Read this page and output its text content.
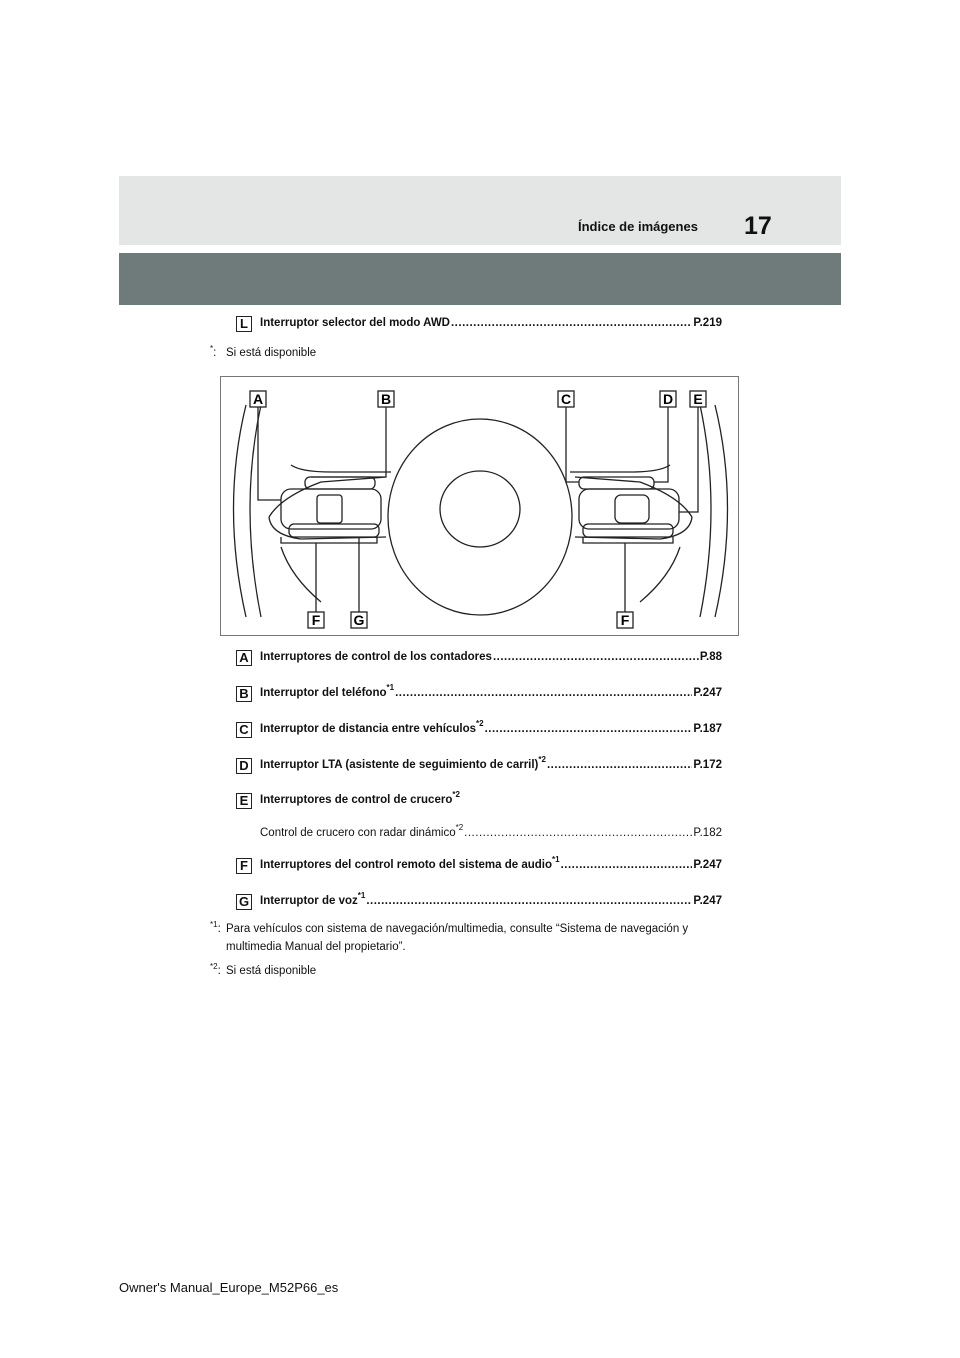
17
Índice de imágenes
L	Interruptor selector del modo AWD .....	P.219
*: Si está disponible
A	B	C	D E
F G	F
A Interruptores de control de los contadores .....	P.88
B Interruptor del teléfono$^{*1}$ .....	P.247
C Interruptor de distancia entre vehículos$^{*2}$ .....	P.187
D Interruptor LTA (asistente de seguimiento de carril)$^{*2}$ .....	P.172
E	Interruptores de control de crucero$^{*2}$
Control de crucero con radar dinámico$^{*2}$ .....	P.182
F	Interruptores del control remoto del sistema de audio$^{*1}$ .....	P.247
G Interruptor de voz$^{*1}$ .....	P.247
$^{*1}$: Para vehículos con sistema de navegación/multimedia, consulte “Sistema de navegación y multimedia Manual del propietario”.
$^{*2}$: Si está disponible
Owner's Manual_Europe_M52P66_es
